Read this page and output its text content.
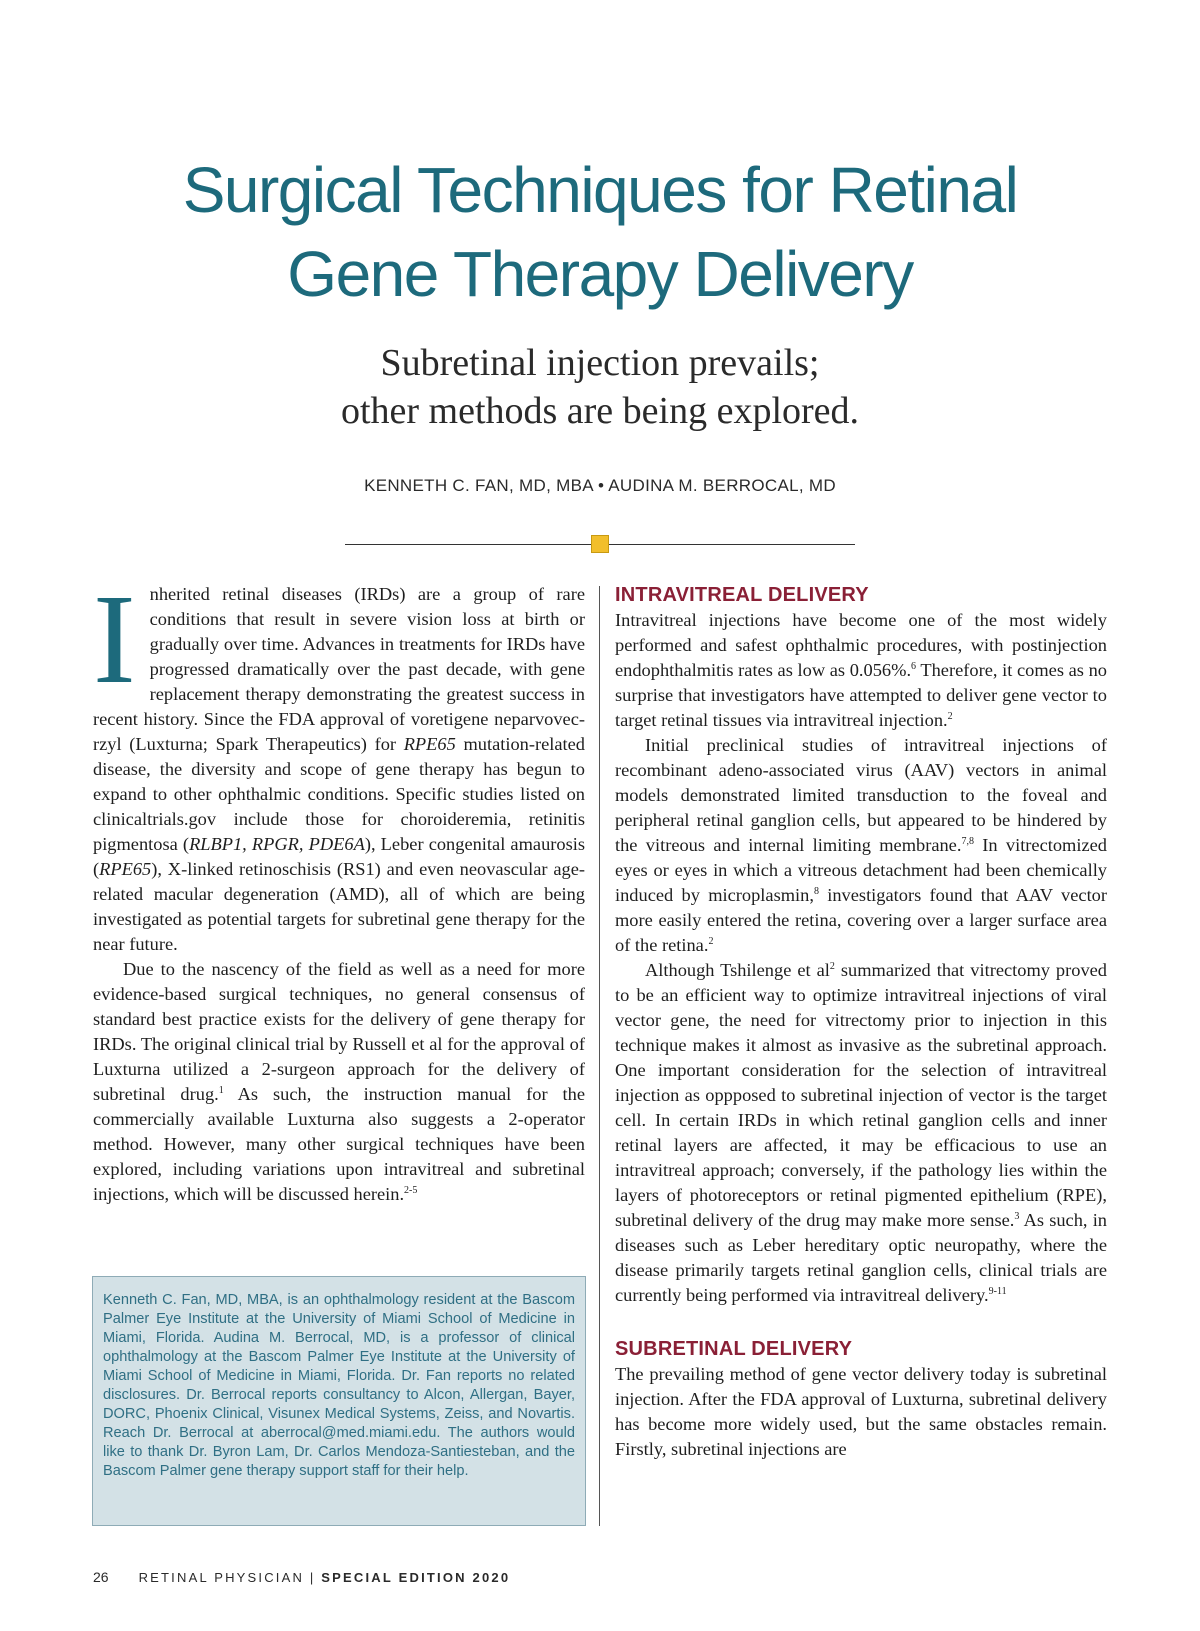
Surgical Techniques for Retinal
Gene Therapy Delivery
Subretinal injection prevails;
other methods are being explored.
KENNETH C. FAN, MD, MBA • AUDINA M. BERROCAL, MD

Inherited retinal diseases (IRDs) are a group of rare conditions that result in severe vision loss at birth or gradually over time. Advances in treatments for IRDs have progressed dramatically over the past decade, with gene replacement therapy demonstrating the greatest success in recent history. Since the FDA approval of voretigene neparvovec-rzyl (Luxturna; Spark Therapeutics) for RPE65 mutation-related disease, the diversity and scope of gene therapy has begun to expand to other ophthalmic conditions. Specific studies listed on clinicaltrials.gov include those for choroideremia, retinitis pigmentosa (RLBP1, RPGR, PDE6A), Leber congenital amaurosis (RPE65), X-linked retinoschisis (RS1) and even neovascular age-related macular degeneration (AMD), all of which are being investigated as potential targets for subretinal gene therapy for the near future.

Due to the nascency of the field as well as a need for more evidence-based surgical techniques, no general consensus of standard best practice exists for the delivery of gene therapy for IRDs. The original clinical trial by Russell et al for the approval of Luxturna utilized a 2-surgeon approach for the delivery of subretinal drug.$^1$ As such, the instruction manual for the commercially available Luxturna also suggests a 2-operator method. However, many other surgical techniques have been explored, including variations upon intravitreal and subretinal injections, which will be discussed herein.$^{2-5}$

Kenneth C. Fan, MD, MBA, is an ophthalmology resident at the Bascom Palmer Eye Institute at the University of Miami School of Medicine in Miami, Florida. Audina M. Berrocal, MD, is a professor of clinical ophthalmology at the Bascom Palmer Eye Institute at the University of Miami School of Medicine in Miami, Florida. Dr. Fan reports no related disclosures. Dr. Berrocal reports consultancy to Alcon, Allergan, Bayer, DORC, Phoenix Clinical, Visunex Medical Systems, Zeiss, and Novartis. Reach Dr. Berrocal at aberrocal@med.miami.edu. The authors would like to thank Dr. Byron Lam, Dr. Carlos Mendoza-Santiesteban, and the Bascom Palmer gene therapy support staff for their help.
INTRAVITREAL DELIVERY

Intravitreal injections have become one of the most widely performed and safest ophthalmic procedures, with postinjection endophthalmitis rates as low as 0.056%.$^6$ Therefore, it comes as no surprise that investigators have attempted to deliver gene vector to target retinal tissues via intravitreal injection.$^2$

Initial preclinical studies of intravitreal injections of recombinant adeno-associated virus (AAV) vectors in animal models demonstrated limited transduction to the foveal and peripheral retinal ganglion cells, but appeared to be hindered by the vitreous and internal limiting membrane.$^{7,8}$ In vitrectomized eyes or eyes in which a vitreous detachment had been chemically induced by microplasmin,$^8$ investigators found that AAV vector more easily entered the retina, covering over a larger surface area of the retina.$^2$

Although Tshilenge et $al^2$ summarized that vitrectomy proved to be an efficient way to optimize intravitreal injections of viral vector gene, the need for vitrectomy prior to injection in this technique makes it almost as invasive as the subretinal approach. One important consideration for the selection of intravitreal injection as oppposed to subretinal injection of vector is the target cell. In certain IRDs in which retinal ganglion cells and inner retinal layers are affected, it may be efficacious to use an intravitreal approach; conversely, if the pathology lies within the layers of photoreceptors or retinal pigmented epithelium (RPE), subretinal delivery of the drug may make more sense.$^3$ As such, in diseases such as Leber hereditary optic neuropathy, where the disease primarily targets retinal ganglion cells, clinical trials are currently being performed via intravitreal delivery.$^{9-11}$

SUBRETINAL DELIVERY

The prevailing method of gene vector delivery today is subretinal injection. After the FDA approval of Luxturna, subretinal delivery has become more widely used, but the same obstacles remain. Firstly, subretinal injections are

26 RETINAL PHYSICIAN | SPECIAL EDITION 2020
